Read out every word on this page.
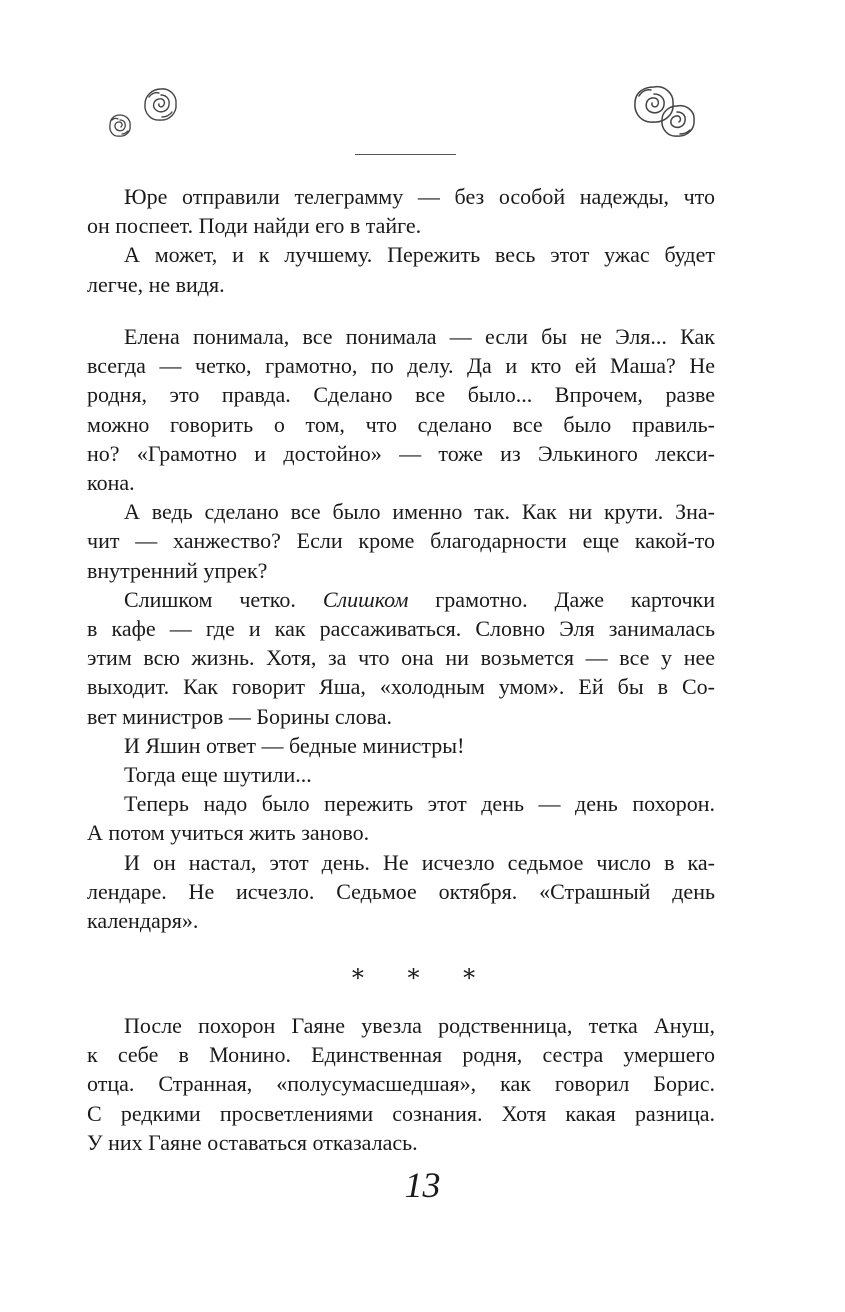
Юре отправили телеграмму — без особой надежды, что

он поспеет. Поди найди его в тайге.

А может, и к лучшему. Пережить весь этот ужас будет

легче, не видя.

Елена понимала, все понимала — если бы не Эля... Как

всегда — четко, грамотно, по делу. Да и кто ей Маша? Не

родня, это правда. Сделано все было... Впрочем, разве

можно говорить о том, что сделано все было правиль-

но? «Грамотно и достойно» — тоже из Элькиного лекси-

кона.

А ведь сделано все было именно так. Как ни крути. Зна-

чит — ханжество? Если кроме благодарности еще какой-то

внутренний упрек?

Слишком четко. Слишком грамотно. Даже карточки

в кафе — где и как рассаживаться. Словно Эля занималась

этим всю жизнь. Хотя, за что она ни возьмется — все у нее

выходит. Как говорит Яша, «холодным умом». Ей бы в Со-

вет министров — Борины слова.

И Яшин ответ — бедные министры!

Тогда еще шутили...

Теперь надо было пережить этот день — день похорон.

А потом учиться жить заново.

И он настал, этот день. Не исчезло седьмое число в ка-

лендаре. Не исчезло. Седьмое октября. «Страшный день

календаря».

* * *

После похорон Гаяне увезла родственница, тетка Ануш,

к себе в Монино. Единственная родня, сестра умершего

отца. Странная, «полусумасшедшая», как говорил Борис.

С редкими просветлениями сознания. Хотя какая разница.

У них Гаяне оставаться отказалась.

13
